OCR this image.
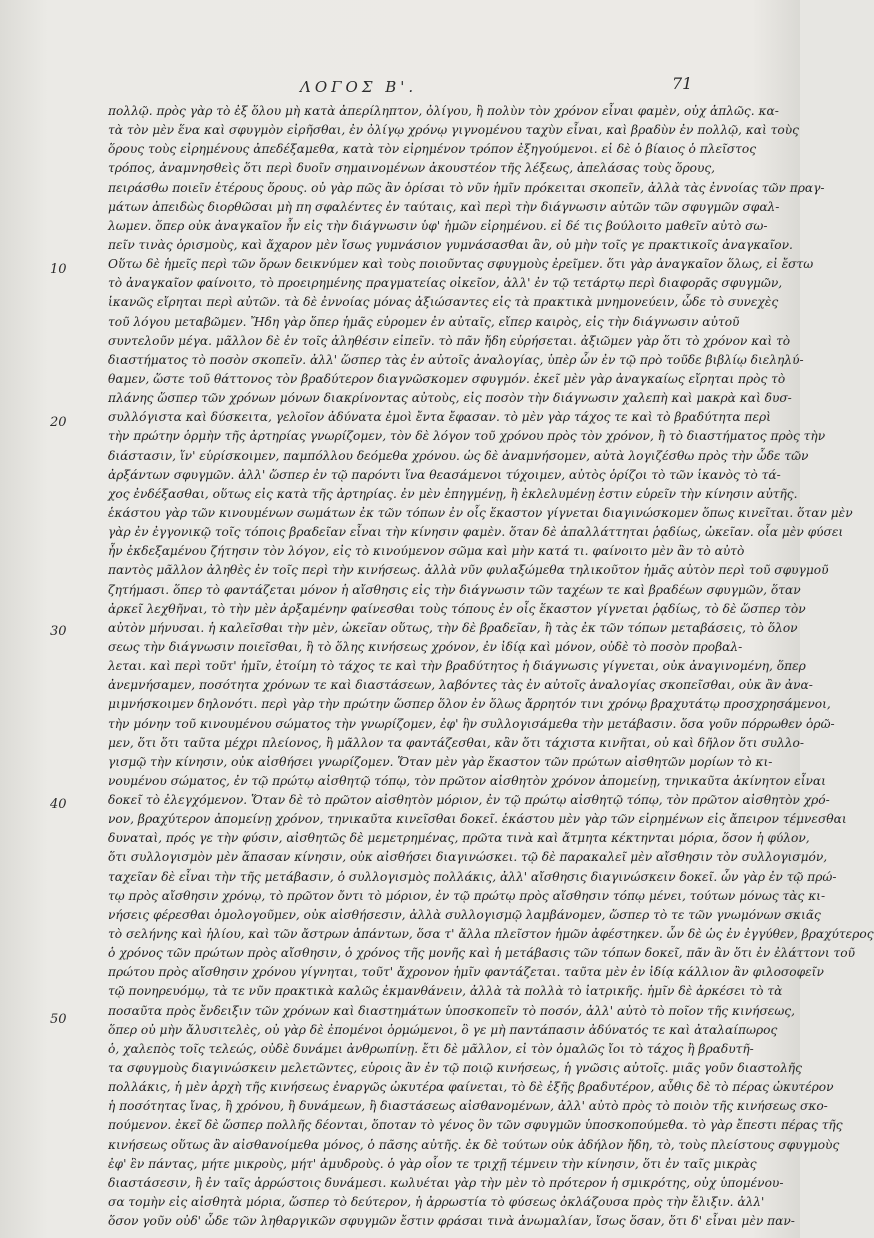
ΛΟΓΟΣ Β'.	71
10
20
30
40
50
πολλῷ. πρὸς γὰρ τὸ ἐξ ὅλου μὴ κατὰ ἀπερίληπτον, ὀλίγου, ἢ πολὺν τὸν χρόνον εἶναι φαμὲν, οὐχ ἁπλῶς. κα-
τὰ τὸν μὲν ἕνα καὶ σφυγμὸν εἰρῆσθαι, ἐν ὀλίγῳ χρόνῳ γιγνομένου ταχὺν εἶναι, καὶ βραδὺν ἐν πολλῷ, καὶ τοὺς
ὅρους τοὺς εἰρημένους ἀπεδέξαμεθα, κατὰ τὸν εἰρημένον τρόπον ἐξηγούμενοι. εἰ δὲ ὁ βίαιος ὁ πλεῖστος
τρόπος, ἀναμνησθεὶς ὅτι περὶ δυοῖν σημαινομένων ἀκουστέον τῆς λέξεως, ἀπελάσας τοὺς ὅρους,
πειράσθω ποιεῖν ἑτέρους ὅρους. οὐ γὰρ πῶς ἂν ὁρίσαι τὸ νῦν ἡμῖν πρόκειται σκοπεῖν, ἀλλὰ τὰς ἐννοίας τῶν πραγ-
μάτων ἀπειδὼς διορθῶσαι μὴ πη σφαλέντες ἐν ταύταις, καὶ περὶ τὴν διάγνωσιν αὐτῶν τῶν σφυγμῶν σφαλ-
λωμεν. ὅπερ οὐκ ἀναγκαῖον ἦν εἰς τὴν διάγνωσιν ὑφ' ἡμῶν εἰρημένου. εἰ δέ τις βούλοιτο μαθεῖν αὐτὸ σω-
πεῖν τινὰς ὁρισμοὺς, καὶ ἄχαρον μὲν ἴσως γυμνάσιον γυμνάσασθαι ἂν, οὐ μὴν τοῖς γε πρακτικοῖς ἀναγκαῖον.
Οὕτω δὲ ἡμεῖς περὶ τῶν ὅρων δεικνύμεν καὶ τοὺς ποιοῦντας σφυγμοὺς ἐρεῖμεν. ὅτι γὰρ ἀναγκαῖον ὅλως, εἰ ἔστω
τὸ ἀναγκαῖον φαίνοιτο, τὸ προειρημένης πραγματείας οἰκεῖον, ἀλλ' ἐν τῷ τετάρτῳ περὶ διαφορᾶς σφυγμῶν,
ἱκανῶς εἴρηται περὶ αὐτῶν. τὰ δὲ ἐννοίας μόνας ἀξιώσαντες εἰς τὰ πρακτικὰ μνημονεύειν, ὧδε τὸ συνεχὲς
τοῦ λόγου μεταβῶμεν. Ἤδη γὰρ ὅπερ ἡμᾶς εὑρομεν ἐν αὐταῖς, εἴπερ καιρὸς, εἰς τὴν διάγνωσιν αὐτοῦ
συντελοῦν μέγα. μᾶλλον δὲ ἐν τοῖς ἀληθέσιν εἰπεῖν. τὸ πᾶν ἤδη εὑρήσεται. ἀξιῶμεν γὰρ ὅτι τὸ χρόνον καὶ τὸ
διαστήματος τὸ ποσὸν σκοπεῖν. ἀλλ' ὥσπερ τὰς ἐν αὐτοῖς ἀναλογίας, ὑπὲρ ὧν ἐν τῷ πρὸ τοῦδε βιβλίῳ διεληλύ-
θαμεν, ὥστε τοῦ θάττονος τὸν βραδύτερον διαγνῶσκομεν σφυγμόν. ἐκεῖ μὲν γὰρ ἀναγκαίως εἴρηται πρὸς τὸ
πλάνης ὥσπερ τῶν χρόνων μόνων διακρίνοντας αὐτοὺς, εἰς ποσὸν τὴν διάγνωσιν χαλεπὴ καὶ μακρὰ καὶ δυσ-
συλλόγιστα καὶ δύσκειτα, γελοῖον ἀδύνατα ἐμοὶ ἔντα ἔφασαν. τὸ μὲν γὰρ τάχος τε καὶ τὸ βραδύτητα περὶ
τὴν πρώτην ὁρμὴν τῆς ἀρτηρίας γνωρίζομεν, τὸν δὲ λόγον τοῦ χρόνου πρὸς τὸν χρόνον, ἢ τὸ διαστήματος πρὸς τὴν
διάστασιν, ἵν' εὑρίσκοιμεν, παμπόλλου δεόμεθα χρόνου. ὡς δὲ ἀναμνήσομεν, αὐτὰ λογιζέσθω πρὸς τὴν ὧδε τῶν
ἀρξάντων σφυγμῶν. ἀλλ' ὥσπερ ἐν τῷ παρόντι ἵνα θεασάμενοι τύχοιμεν, αὐτὸς ὁρίζοι τὸ τῶν ἱκανὸς τὸ τά-
χος ἐνδέξασθαι, οὕτως εἰς κατὰ τῆς ἀρτηρίας. ἐν μὲν ἐπηγμένῃ, ἢ ἐκλελυμένῃ ἐστιν εὑρεῖν τὴν κίνησιν αὐτῆς.
ἑκάστου γὰρ τῶν κινουμένων σωμάτων ἐκ τῶν τόπων ἐν οἷς ἕκαστον γίγνεται διαγινώσκομεν ὅπως κινεῖται. ὅταν μὲν
γὰρ ἐν ἐγγονικῷ τοῖς τόποις βραδεῖαν εἶναι τὴν κίνησιν φαμὲν. ὅταν δὲ ἀπαλλάττηται ῥᾳδίως, ὠκεῖαν. οἷα μὲν φύσει
ἦν ἐκδεξαμένου ζήτησιν τὸν λόγον, εἰς τὸ κινούμενον σῶμα καὶ μὴν κατά τι. φαίνοιτο μὲν ἂν τὸ αὐτὸ
παντὸς μᾶλλον ἀληθὲς ἐν τοῖς περὶ τὴν κινήσεως. ἀλλὰ νῦν φυλαξώμεθα τηλικοῦτον ἡμᾶς αὐτὸν περὶ τοῦ σφυγμοῦ
ζητήμασι. ὅπερ τὸ φαντάζεται μόνον ἡ αἴσθησις εἰς τὴν διάγνωσιν τῶν ταχέων τε καὶ βραδέων σφυγμῶν, ὅταν
ἀρκεῖ λεχθῆναι, τὸ τὴν μὲν ἀρξαμένην φαίνεσθαι τοὺς τόπους ἐν οἷς ἕκαστον γίγνεται ῥᾳδίως, τὸ δὲ ὥσπερ τὸν
αὐτὸν μήνυσαι. ἡ καλεῖσθαι τὴν μὲν, ὠκεῖαν οὕτως, τὴν δὲ βραδεῖαν, ἢ τὰς ἐκ τῶν τόπων μεταβάσεις, τὸ ὅλον
σεως τὴν διάγνωσιν ποιεῖσθαι, ἢ τὸ ὅλης κινήσεως χρόνον, ἐν ἰδίᾳ καὶ μόνον, οὐδὲ τὸ ποσὸν προβαλ-
λεται. καὶ περὶ τοῦτ' ἡμῖν, ἑτοίμη τὸ τάχος τε καὶ τὴν βραδύτητος ἡ διάγνωσις γίγνεται, οὐκ ἀναγινομένη, ὅπερ
ἀνεμνήσαμεν, ποσότητα χρόνων τε καὶ διαστάσεων, λαβόντες τὰς ἐν αὐτοῖς ἀναλογίας σκοπεῖσθαι, οὐκ ἂν ἀνα-
μιμνήσκοιμεν δηλονότι. περὶ γὰρ τὴν πρώτην ὥσπερ ὅλον ἐν ὅλως ἄρρητόν τινι χρόνῳ βραχυτάτῳ προσχρησάμενοι,
τὴν μόνην τοῦ κινουμένου σώματος τὴν γνωρίζομεν, ἐφ' ἣν συλλογισάμεθα τὴν μετάβασιν. ὅσα γοῦν πόρρωθεν ὁρῶ-
μεν, ὅτι ὅτι ταῦτα μέχρι πλείονος, ἢ μᾶλλον τα φαντάζεσθαι, κἂν ὅτι τάχιστα κινῆται, οὐ καὶ δῆλον ὅτι συλλο-
γισμῷ τὴν κίνησιν, οὐκ αἰσθήσει γνωρίζομεν. Ὅταν μὲν γὰρ ἕκαστον τῶν πρώτων αἰσθητῶν μορίων τὸ κι-
νουμένου σώματος, ἐν τῷ πρώτῳ αἰσθητῷ τόπῳ, τὸν πρῶτον αἰσθητὸν χρόνον ἀπομείνῃ, τηνικαῦτα ἀκίνητον εἶναι
δοκεῖ τὸ ἐλεγχόμενον. Ὅταν δὲ τὸ πρῶτον αἰσθητὸν μόριον, ἐν τῷ πρώτῳ αἰσθητῷ τόπῳ, τὸν πρῶτον αἰσθητὸν χρό-
νον, βραχύτερον ἀπομείνῃ χρόνον, τηνικαῦτα κινεῖσθαι δοκεῖ. ἑκάστου μὲν γὰρ τῶν εἰρημένων εἰς ἄπειρον τέμνεσθαι
δυναταὶ, πρός γε τὴν φύσιν, αἰσθητῶς δὲ μεμετρημένας, πρῶτα τινὰ καὶ ἄτμητα κέκτηνται μόρια, ὅσον ἡ φύλον,
ὅτι συλλογισμὸν μὲν ἅπασαν κίνησιν, οὐκ αἰσθήσει διαγινώσκει. τῷ δὲ παρακαλεῖ μὲν αἴσθησιν τὸν συλλογισμόν,
ταχεῖαν δὲ εἶναι τὴν τῆς μετάβασιν, ὁ συλλογισμὸς πολλάκις, ἀλλ' αἴσθησις διαγινώσκειν δοκεῖ. ὧν γὰρ ἐν τῷ πρώ-
τῳ πρὸς αἴσθησιν χρόνῳ, τὸ πρῶτον ὄντι τὸ μόριον, ἐν τῷ πρώτῳ πρὸς αἴσθησιν τόπῳ μένει, τούτων μόνως τὰς κι-
νήσεις φέρεσθαι ὁμολογοῦμεν, οὐκ αἰσθήσεσιν, ἀλλὰ συλλογισμῷ λαμβάνομεν, ὥσπερ τὸ τε τῶν γνωμόνων σκιᾶς
τὸ σελήνης καὶ ἡλίου, καὶ τῶν ἄστρων ἁπάντων, ὅσα τ' ἄλλα πλεῖστον ἡμῶν ἀφέστηκεν. ὧν δὲ ὡς ἐν ἐγγύθεν, βραχύτερος
ὁ χρόνος τῶν πρώτων πρὸς αἴσθησιν, ὁ χρόνος τῆς μονῆς καὶ ἡ μετάβασις τῶν τόπων δοκεῖ, πᾶν ἂν ὅτι ἐν ἐλάττονι τοῦ
πρώτου πρὸς αἴσθησιν χρόνου γίγνηται, τοῦτ' ἄχρονον ἡμῖν φαντάζεται. ταῦτα μὲν ἐν ἰδίᾳ κάλλιον ἂν φιλοσοφεῖν
τῷ πονηρευόμῳ, τὰ τε νῦν πρακτικὰ καλῶς ἐκμανθάνειν, ἀλλὰ τὰ πολλὰ τὸ ἰατρικῆς. ἡμῖν δὲ ἀρκέσει τὸ τὰ
ποσαῦτα πρὸς ἔνδειξιν τῶν χρόνων καὶ διαστημάτων ὑποσκοπεῖν τὸ ποσόν, ἀλλ' αὐτὸ τὸ ποῖον τῆς κινήσεως,
ὅπερ οὐ μὴν ἄλυσιτελὲς, οὐ γὰρ δὲ ἐπομένοι ὁρμώμενοι, ὃ γε μὴ παντάπασιν ἀδύνατός τε καὶ ἀταλαίπωρος
ὁ, χαλεπὸς τοῖς τελεώς, οὐδὲ δυνάμει ἀνθρωπίνῃ. ἔτι δὲ μᾶλλον, εἰ τὸν ὁμαλῶς ἴοι τὸ τάχος ἢ βραδυτῆ-
τα σφυγμοὺς διαγινώσκειν μελετῶντες, εὑροις ἂν ἐν τῷ ποιῷ κινήσεως, ἡ γνῶσις αὐτοῖς. μιᾶς γοῦν διαστολῆς
πολλάκις, ἡ μὲν ἀρχὴ τῆς κινήσεως ἐναργῶς ὠκυτέρα φαίνεται, τὸ δὲ ἐξῆς βραδυτέρον, αὖθις δὲ τὸ πέρας ὠκυτέρον
ἡ ποσότητας ἴνας, ἢ χρόνου, ἢ δυνάμεων, ἢ διαστάσεως αἰσθανομένων, ἀλλ' αὐτὸ πρὸς τὸ ποιὸν τῆς κινήσεως σκο-
πούμενον. ἐκεῖ δὲ ὥσπερ πολλῆς δέονται, ὅποταν τὸ γένος ὃν τῶν σφυγμῶν ὑποσκοπούμεθα. τὸ γὰρ ἔπεστι πέρας τῆς
κινήσεως οὕτως ἂν αἰσθανοίμεθα μόνος, ὁ πᾶσης αὐτῆς. ἐκ δὲ τούτων οὐκ ἀδήλον ἤδη, τὸ, τοὺς πλείστους σφυγμοὺς
ἐφ' ἓν πάντας, μήτε μικροὺς, μήτ' ἀμυδροὺς. ὁ γὰρ οἷον τε τριχῇ τέμνειν τὴν κίνησιν, ὅτι ἐν ταῖς μικρὰς
διαστάσεσιν, ἢ ἐν ταῖς ἀρρώστοις δυνάμεσι. κωλυέται γὰρ τὴν μὲν τὸ πρότερον ἡ σμικρότης, οὐχ ὑπομένου-
σα τομὴν εἰς αἰσθητὰ μόρια, ὥσπερ τὸ δεύτερον, ἡ ἀρρωστία τὸ φύσεως ὀκλάζουσα πρὸς τὴν ἔλιξιν. ἀλλ'
ὅσον γοῦν οὐδ' ὧδε τῶν ληθαργικῶν σφυγμῶν ἔστιν φράσαι τινὰ ἀνωμαλίαν, ἴσως ὅσαν, ὅτι δ' εἶναι μὲν παν-
